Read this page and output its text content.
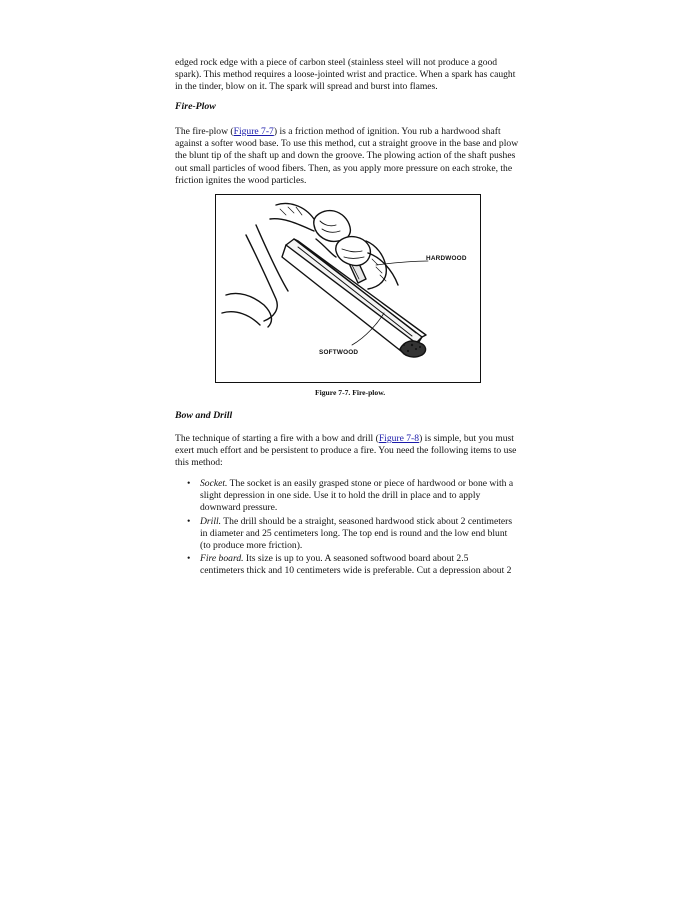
edged rock edge with a piece of carbon steel (stainless steel will not produce a good
spark). This method requires a loose-jointed wrist and practice. When a spark has caught
in the tinder, blow on it. The spark will spread and burst into flames.
Fire-Plow
The fire-plow (Figure 7-7) is a friction method of ignition. You rub a hardwood shaft
against a softer wood base. To use this method, cut a straight groove in the base and plow
the blunt tip of the shaft up and down the groove. The plowing action of the shaft pushes
out small particles of wood fibers. Then, as you apply more pressure on each stroke, the
friction ignites the wood particles.
HARDWOOD
SOFTWOOD
Figure 7-7. Fire-plow.
Bow and Drill
The technique of starting a fire with a bow and drill (Figure 7-8) is simple, but you must
exert much effort and be persistent to produce a fire. You need the following items to use
this method:
• Socket. The socket is an easily grasped stone or piece of hardwood or bone with a
slight depression in one side. Use it to hold the drill in place and to apply
downward pressure.
• Drill. The drill should be a straight, seasoned hardwood stick about 2 centimeters
in diameter and 25 centimeters long. The top end is round and the low end blunt
(to produce more friction).
• Fire board. Its size is up to you. A seasoned softwood board about 2.5
centimeters thick and 10 centimeters wide is preferable. Cut a depression about 2
